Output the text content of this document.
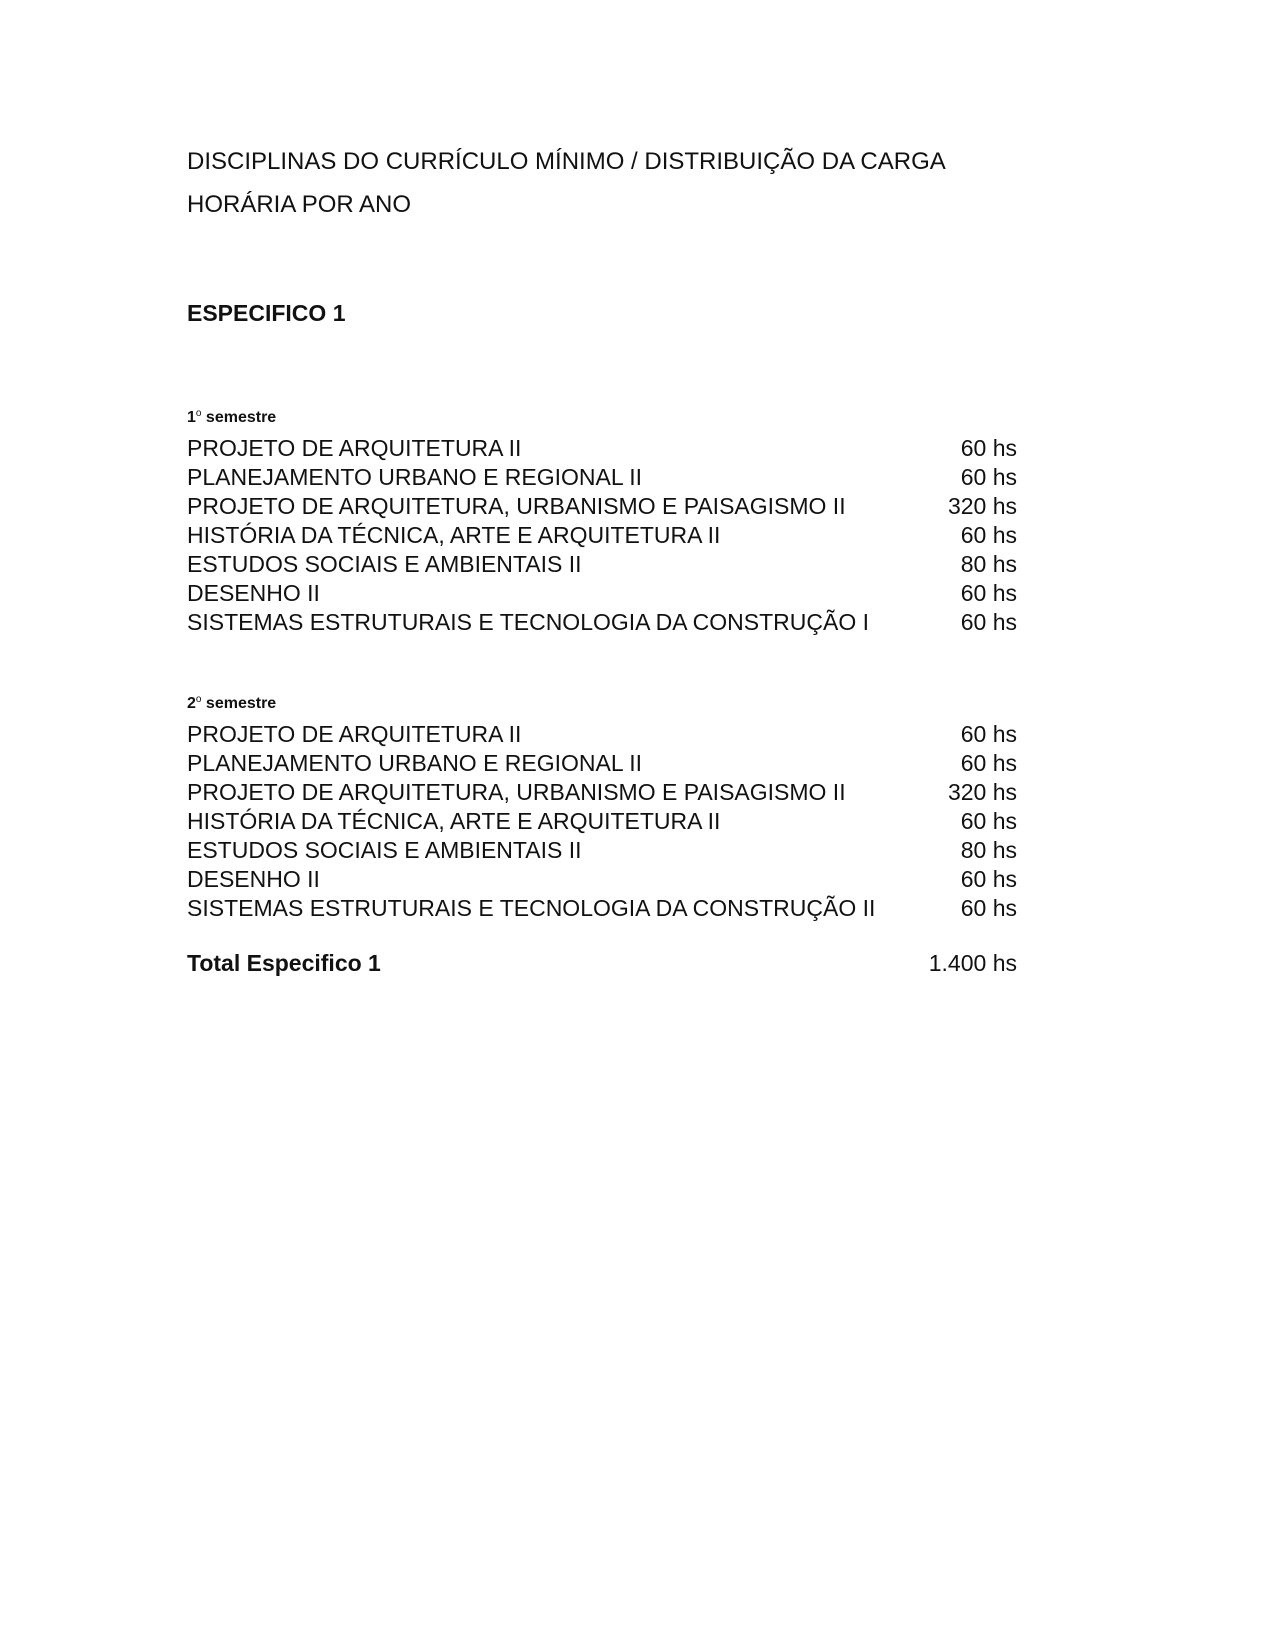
DISCIPLINAS DO CURRÍCULO MÍNIMO / DISTRIBUIÇÃO DA CARGA
HORÁRIA POR ANO
ESPECIFICO 1
1$^o$ semestre
PROJETO DE ARQUITETURA II	60 hs
PLANEJAMENTO URBANO E REGIONAL II	60 hs
PROJETO DE ARQUITETURA, URBANISMO E PAISAGISMO II	320 hs
HISTÓRIA DA TÉCNICA, ARTE E ARQUITETURA II	60 hs
ESTUDOS SOCIAIS E AMBIENTAIS II	80 hs
DESENHO II	60 hs
SISTEMAS ESTRUTURAIS E TECNOLOGIA DA CONSTRUÇÃO I	60 hs
2$^o$ semestre
PROJETO DE ARQUITETURA II	60 hs
PLANEJAMENTO URBANO E REGIONAL II	60 hs
PROJETO DE ARQUITETURA, URBANISMO E PAISAGISMO II	320 hs
HISTÓRIA DA TÉCNICA, ARTE E ARQUITETURA II	60 hs
ESTUDOS SOCIAIS E AMBIENTAIS II	80 hs
DESENHO II	60 hs
SISTEMAS ESTRUTURAIS E TECNOLOGIA DA CONSTRUÇÃO II	60 hs
Total Especifico 1	1.400 hs
